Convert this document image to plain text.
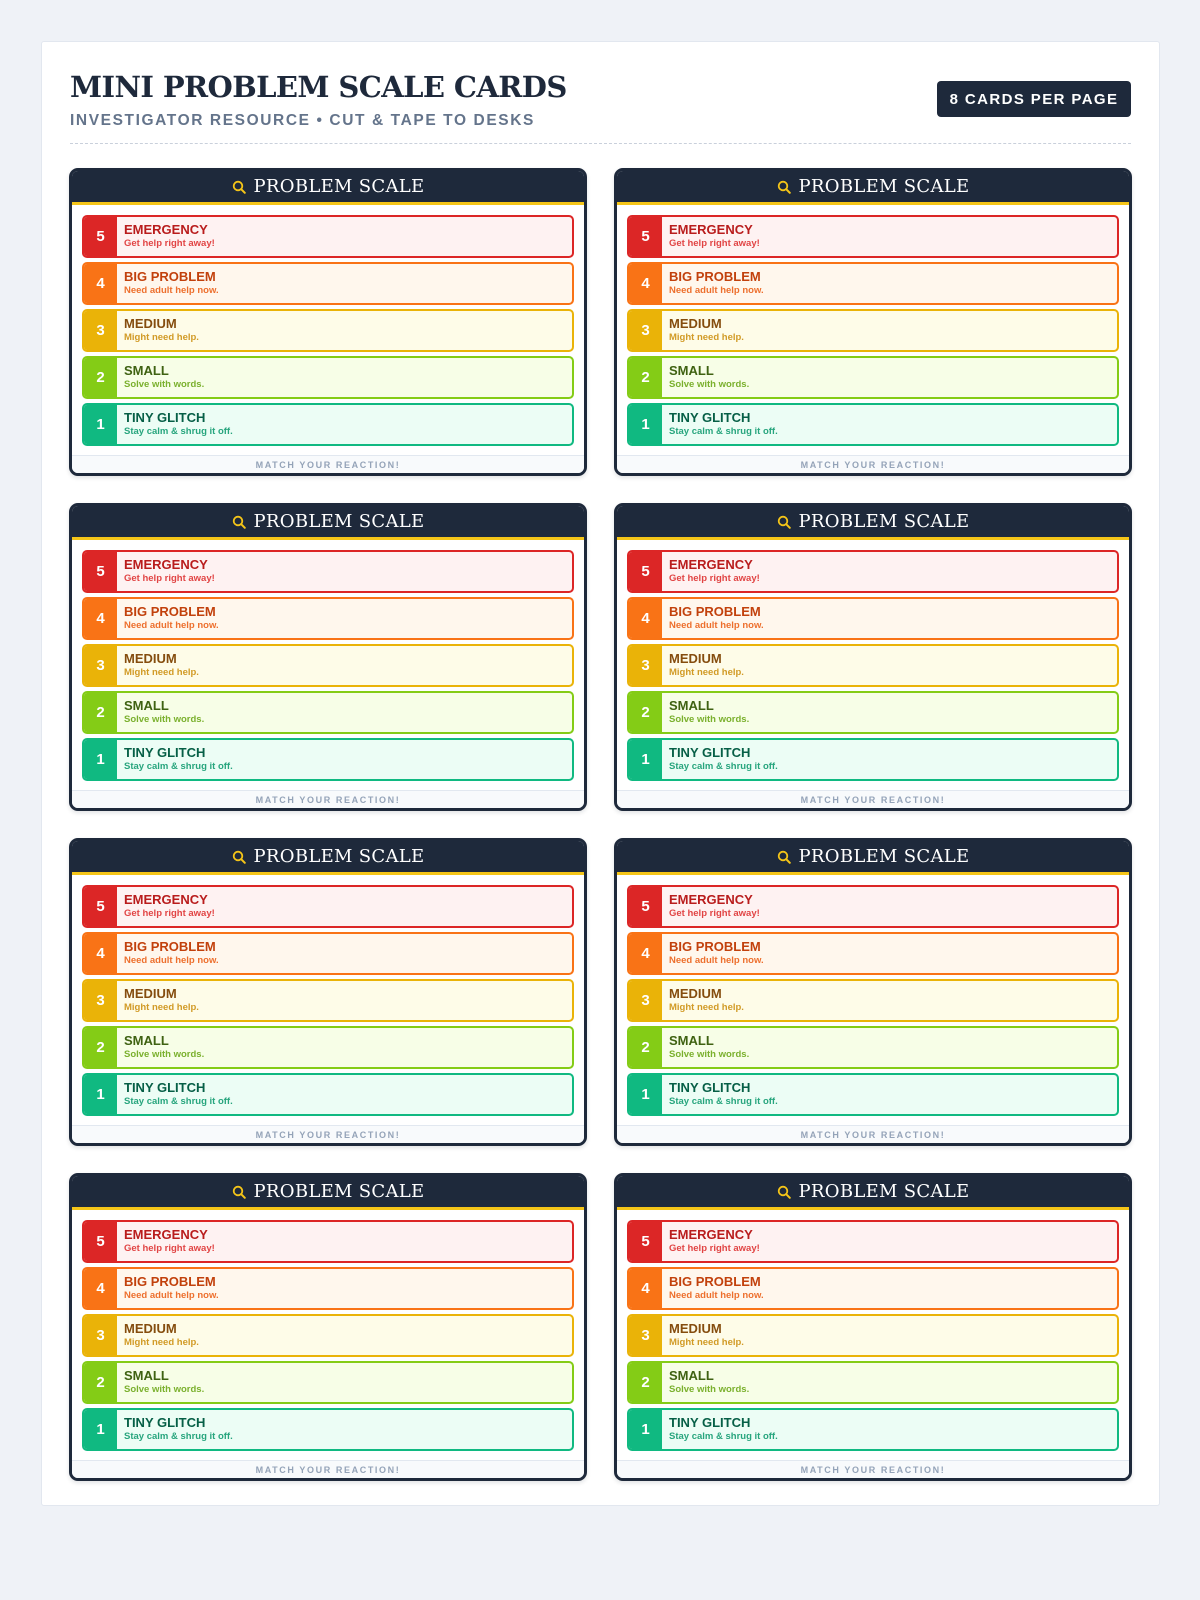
MINI PROBLEM SCALE CARDS
INVESTIGATOR RESOURCE • CUT & TAPE TO DESKS
8 CARDS PER PAGE
PROBLEM SCALE
5	EMERGENCY
Get help right away!
4	BIG PROBLEM
Need adult help now.
3	MEDIUM
Might need help.
2	SMALL
Solve with words.
1	TINY GLITCH
Stay calm & shrug it off.
MATCH YOUR REACTION!
PROBLEM SCALE
5	EMERGENCY
Get help right away!
4	BIG PROBLEM
Need adult help now.
3	MEDIUM
Might need help.
2	SMALL
Solve with words.
1	TINY GLITCH
Stay calm & shrug it off.
MATCH YOUR REACTION!
PROBLEM SCALE
5	EMERGENCY
Get help right away!
4	BIG PROBLEM
Need adult help now.
3	MEDIUM
Might need help.
2	SMALL
Solve with words.
1	TINY GLITCH
Stay calm & shrug it off.
MATCH YOUR REACTION!
PROBLEM SCALE
5	EMERGENCY
Get help right away!
4	BIG PROBLEM
Need adult help now.
3	MEDIUM
Might need help.
2	SMALL
Solve with words.
1	TINY GLITCH
Stay calm & shrug it off.
MATCH YOUR REACTION!
PROBLEM SCALE
5	EMERGENCY
Get help right away!
4	BIG PROBLEM
Need adult help now.
3	MEDIUM
Might need help.
2	SMALL
Solve with words.
1	TINY GLITCH
Stay calm & shrug it off.
MATCH YOUR REACTION!
PROBLEM SCALE
5	EMERGENCY
Get help right away!
4	BIG PROBLEM
Need adult help now.
3	MEDIUM
Might need help.
2	SMALL
Solve with words.
1	TINY GLITCH
Stay calm & shrug it off.
MATCH YOUR REACTION!
PROBLEM SCALE
5	EMERGENCY
Get help right away!
4	BIG PROBLEM
Need adult help now.
3	MEDIUM
Might need help.
2	SMALL
Solve with words.
1	TINY GLITCH
Stay calm & shrug it off.
MATCH YOUR REACTION!
PROBLEM SCALE
5	EMERGENCY
Get help right away!
4	BIG PROBLEM
Need adult help now.
3	MEDIUM
Might need help.
2	SMALL
Solve with words.
1	TINY GLITCH
Stay calm & shrug it off.
MATCH YOUR REACTION!
